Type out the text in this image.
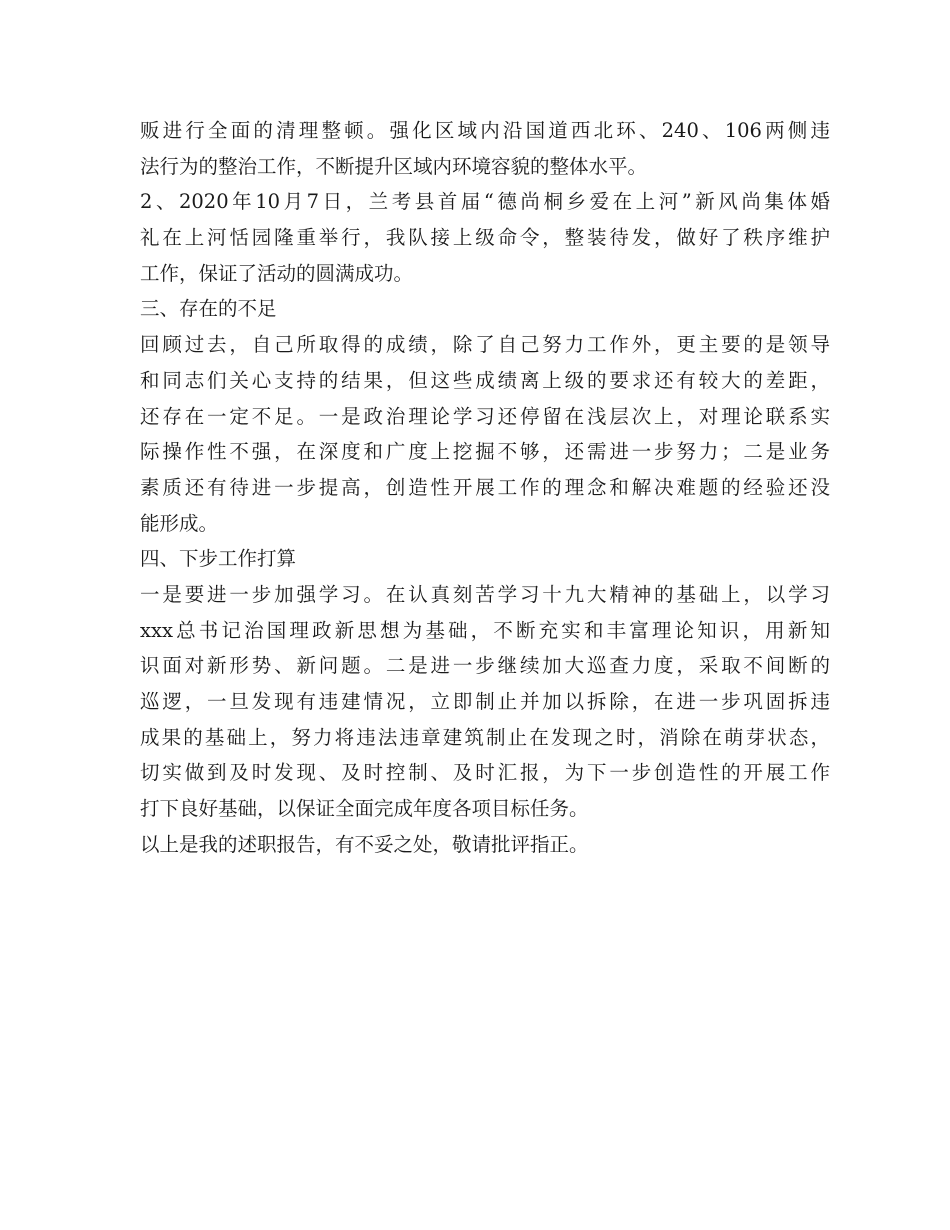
贩进行全面的清理整顿。强化区域内沿国道西北环、240、106两侧违
法行为的整治工作，不断提升区域内环境容貌的整体水平。
2、2020年10月7日，兰考县首届“德尚桐乡爱在上河”新风尚集体婚
礼在上河恬园隆重举行，我队接上级命令，整装待发，做好了秩序维护
工作，保证了活动的圆满成功。
三、存在的不足
回顾过去，自己所取得的成绩，除了自己努力工作外，更主要的是领导
和同志们关心支持的结果，但这些成绩离上级的要求还有较大的差距，
还存在一定不足。一是政治理论学习还停留在浅层次上，对理论联系实
际操作性不强，在深度和广度上挖掘不够，还需进一步努力；二是业务
素质还有待进一步提高，创造性开展工作的理念和解决难题的经验还没
能形成。
四、下步工作打算
一是要进一步加强学习。在认真刻苦学习十九大精神的基础上，以学习
xxx总书记治国理政新思想为基础，不断充实和丰富理论知识，用新知
识面对新形势、新问题。二是进一步继续加大巡查力度，采取不间断的
巡逻，一旦发现有违建情况，立即制止并加以拆除，在进一步巩固拆违
成果的基础上，努力将违法违章建筑制止在发现之时，消除在萌芽状态，
切实做到及时发现、及时控制、及时汇报，为下一步创造性的开展工作
打下良好基础，以保证全面完成年度各项目标任务。
以上是我的述职报告，有不妥之处，敬请批评指正。
